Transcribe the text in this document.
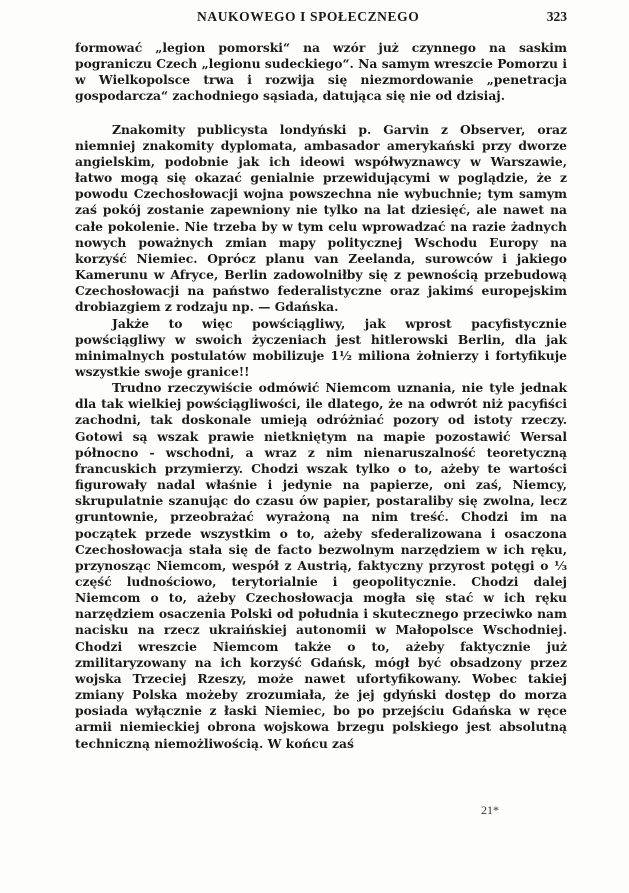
NAUKOWEGO I SPOŁECZNEGO	323

formować „legion pomorski“ na wzór już czynnego na saskim pograniczu Czech „legionu sudeckiego“. Na samym wreszcie Pomorzu i w Wielkopolsce trwa i rozwija się niezmordowanie „penetracja gospodarcza“ zachodniego sąsiada, datująca się nie od dzisiaj.

Znakomity publicysta londyński p. Garvin z Observer, oraz niemniej znakomity dyplomata, ambasador amerykański przy dworze angielskim, podobnie jak ich ideowi współwyznawcy w Warszawie, łatwo mogą się okazać genialnie przewidującymi w poglądzie, że z powodu Czechosłowacji wojna powszechna nie wybuchnie; tym samym zaś pokój zostanie zapewniony nie tylko na lat dziesięć, ale nawet na całe pokolenie. Nie trzeba by w tym celu wprowadzać na razie żadnych nowych poważnych zmian mapy politycznej Wschodu Europy na korzyść Niemiec. Oprócz planu van Zeelanda, surowców i jakiego Kamerunu w Afryce, Berlin zadowolniłby się z pewnością przebudową Czechosłowacji na państwo federalistyczne oraz jakimś europejskim drobiazgiem z rodzaju np. — Gdańska.

Jakże to więc powściągliwy, jak wprost pacyfistycznie powściągliwy w swoich życzeniach jest hitlerowski Berlin, dla jak minimalnych postulatów mobilizuje 1½ miliona żołnierzy i fortyfikuje wszystkie swoje granice!!

Trudno rzeczywiście odmówić Niemcom uznania, nie tyle jednak dla tak wielkiej powściągliwości, ile dlatego, że na odwrót niż pacyfiści zachodni, tak doskonale umieją odróżniać pozory od istoty rzeczy. Gotowi są wszak prawie nietkniętym na mapie pozostawić Wersal północno - wschodni, a wraz z nim nienaruszalność teoretyczną francuskich przymierzy. Chodzi wszak tylko o to, ażeby te wartości figurowały nadal właśnie i jedynie na papierze, oni zaś, Niemcy, skrupulatnie szanując do czasu ów papier, postaraliby się zwolna, lecz gruntownie, przeobrażać wyrażoną na nim treść. Chodzi im na początek przede wszystkim o to, ażeby sfederalizowana i osaczona Czechosłowacja stała się de facto bezwolnym narzędziem w ich ręku, przynosząc Niemcom, wespół z Austrią, faktyczny przyrost potęgi o ⅓ część ludnościowo, terytorialnie i geopolitycznie. Chodzi dalej Niemcom o to, ażeby Czechosłowacja mogła się stać w ich ręku narzędziem osaczenia Polski od południa i skutecznego przeciwko nam nacisku na rzecz ukraińskiej autonomii w Małopolsce Wschodniej. Chodzi wreszcie Niemcom także o to, ażeby faktycznie już zmilitaryzowany na ich korzyść Gdańsk, mógł być obsadzony przez wojska Trzeciej Rzeszy, może nawet ufortyfikowany. Wobec takiej zmiany Polska możeby zrozumiała, że jej gdyński dostęp do morza posiada wyłącznie z łaski Niemiec, bo po przejściu Gdańska w ręce armii niemieckiej obrona wojskowa brzegu polskiego jest absolutną techniczną niemożliwością. W końcu zaś

21*
